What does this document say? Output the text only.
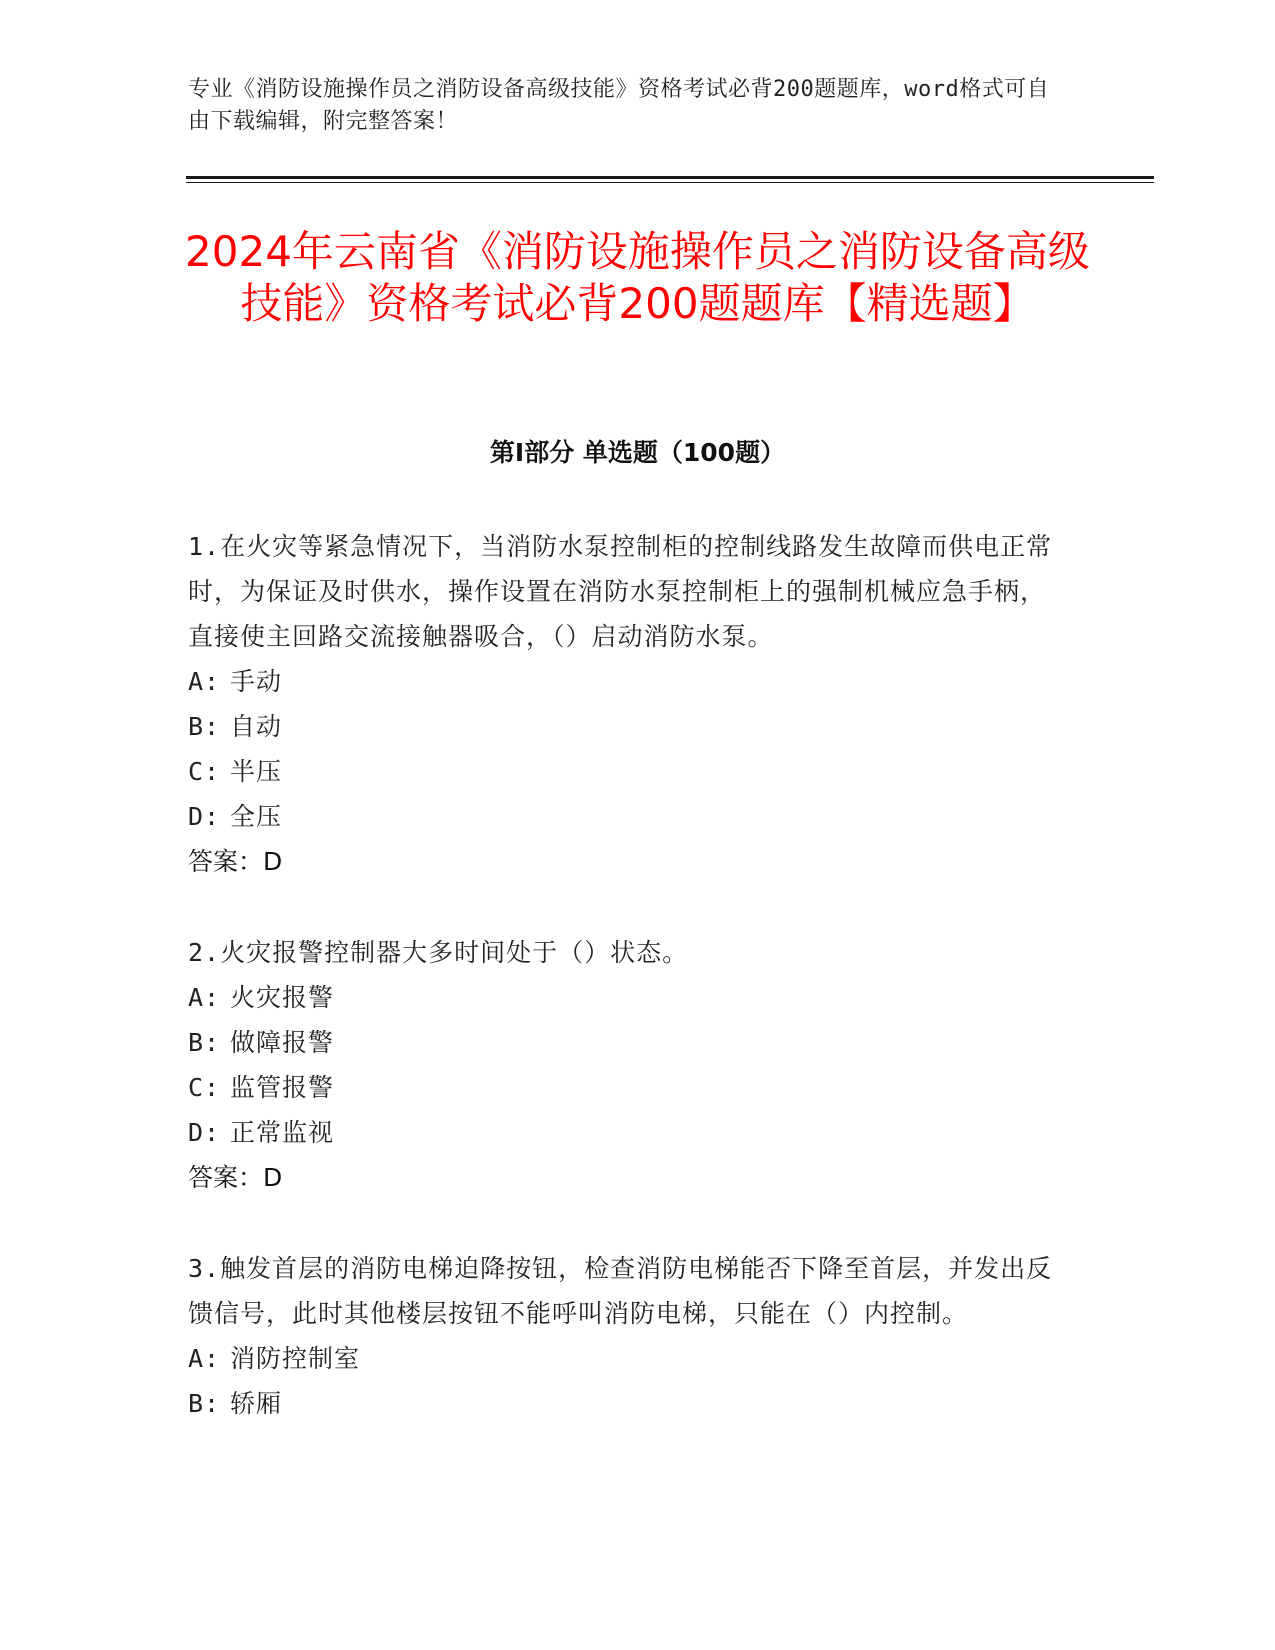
专业《消防设施操作员之消防设备高级技能》资格考试必背200题题库，word格式可自由下载编辑，附完整答案！
2024年云南省《消防设施操作员之消防设备高级技能》资格考试必背200题题库【精选题】
第Ⅰ部分 单选题（100题）
1.在火灾等紧急情况下，当消防水泵控制柜的控制线路发生故障而供电正常时，为保证及时供水，操作设置在消防水泵控制柜上的强制机械应急手柄，直接使主回路交流接触器吸合，（）启动消防水泵。
A: 手动
B: 自动
C: 半压
D: 全压
答案：D
2.火灾报警控制器大多时间处于（）状态。
A: 火灾报警
B: 做障报警
C: 监管报警
D: 正常监视
答案：D
3.触发首层的消防电梯迫降按钮，检查消防电梯能否下降至首层，并发出反馈信号，此时其他楼层按钮不能呼叫消防电梯，只能在（）内控制。
A: 消防控制室
B: 轿厢
